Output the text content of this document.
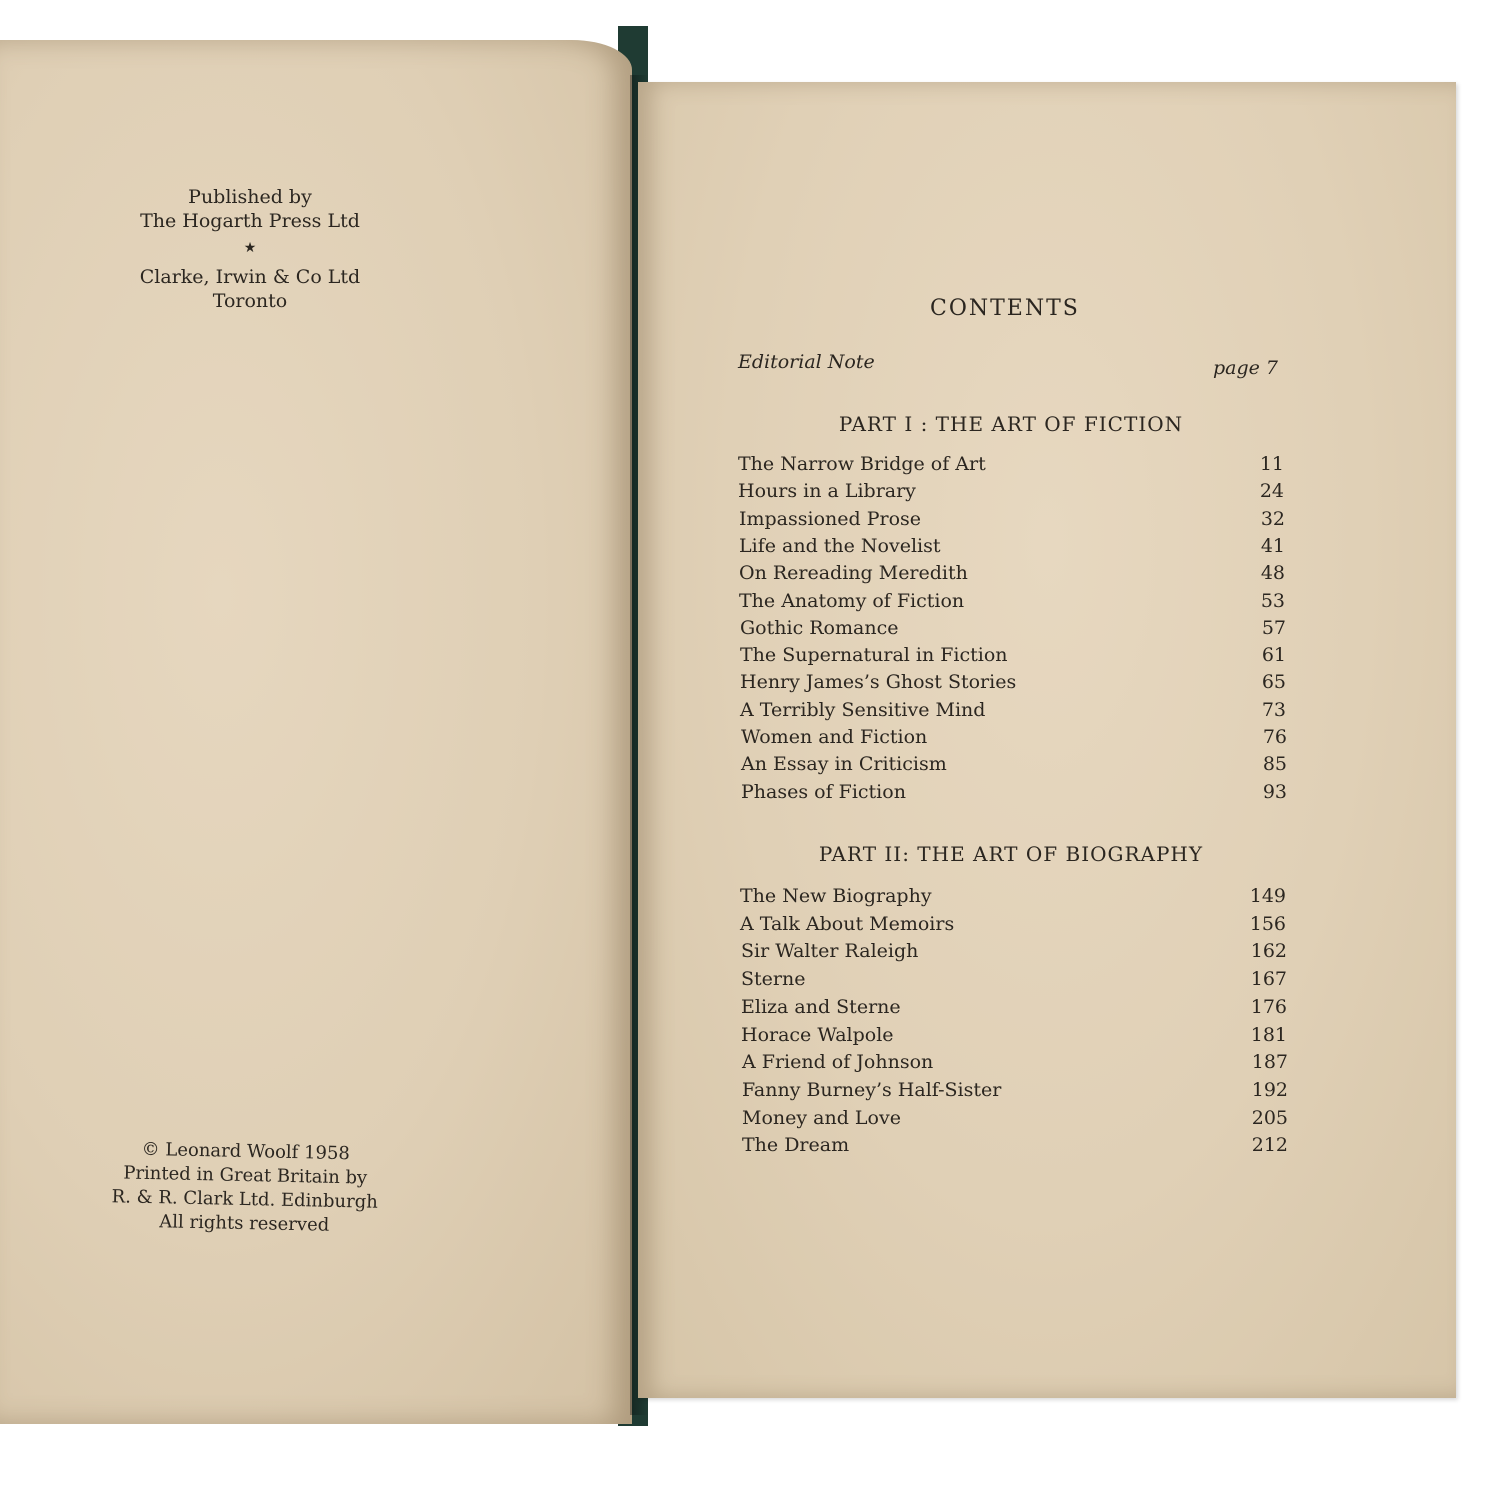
Published by
The Hogarth Press Ltd
★
Clarke, Irwin & Co Ltd
Toronto
© Leonard Woolf 1958
Printed in Great Britain by
R. & R. Clark Ltd. Edinburgh
All rights reserved
CONTENTS
Editorial Note	page 7
PART I : THE ART OF FICTION
The Narrow Bridge of Art	11
Hours in a Library	24
Impassioned Prose	32
Life and the Novelist	41
On Rereading Meredith	48
The Anatomy of Fiction	53
Gothic Romance	57
The Supernatural in Fiction	61
Henry James’s Ghost Stories	65
A Terribly Sensitive Mind	73
Women and Fiction	76
An Essay in Criticism	85
Phases of Fiction	93
PART II: THE ART OF BIOGRAPHY
The New Biography	149
A Talk About Memoirs	156
Sir Walter Raleigh	162
Sterne	167
Eliza and Sterne	176
Horace Walpole	181
A Friend of Johnson	187
Fanny Burney’s Half-Sister	192
Money and Love	205
The Dream	212
